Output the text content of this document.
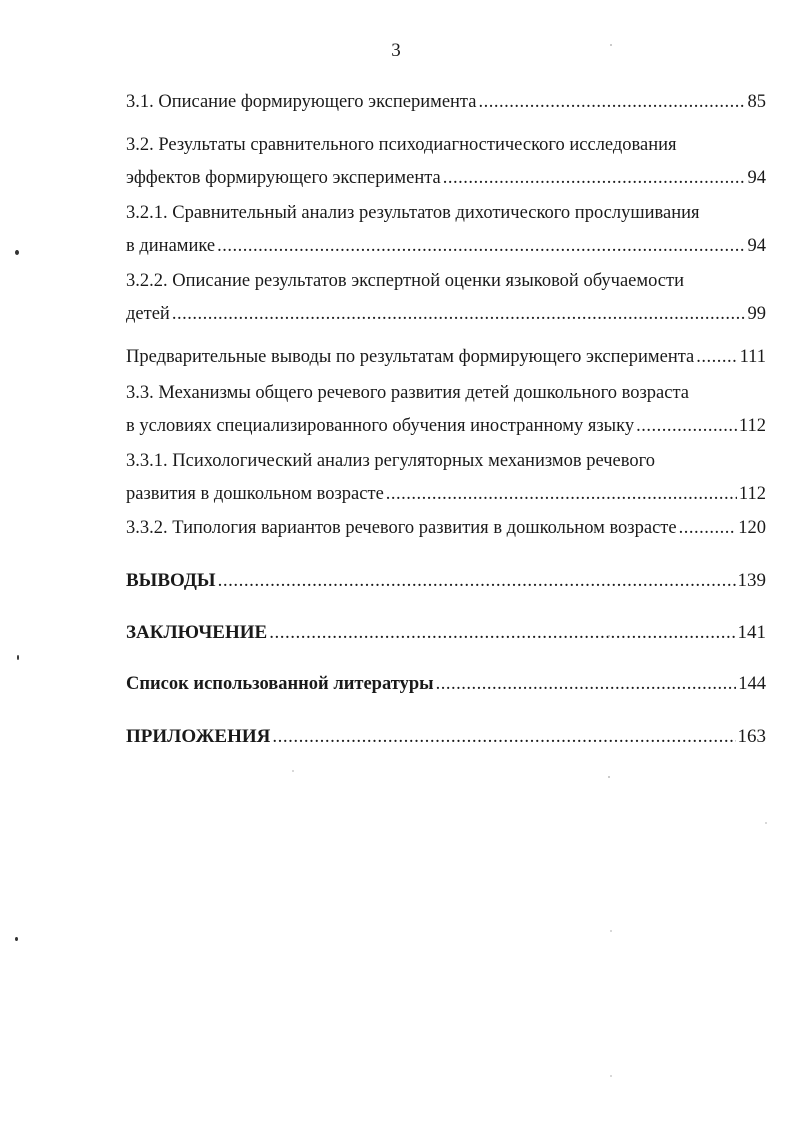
3
3.1. Описание формирующего эксперимента .....	85
3.2. Результаты сравнительного психодиагностического исследования
эффектов формирующего эксперимента .....	94
3.2.1. Сравнительный анализ результатов дихотического прослушивания
в динамике .....	94
3.2.2. Описание результатов экспертной оценки языковой обучаемости
детей .....	99
Предварительные выводы по результатам формирующего эксперимента ..... 111
3.3. Механизмы общего речевого развития детей дошкольного возраста
в условиях специализированного обучения иностранному языку .....	112
3.3.1. Психологический анализ регуляторных механизмов речевого
развития в дошкольном возрасте .....	112
3.3.2. Типология вариантов речевого развития в дошкольном возрасте .....	120
ВЫВОДЫ .....	139
ЗАКЛЮЧЕНИЕ .....	141
Список использованной литературы .....	144
ПРИЛОЖЕНИЯ .....	163
